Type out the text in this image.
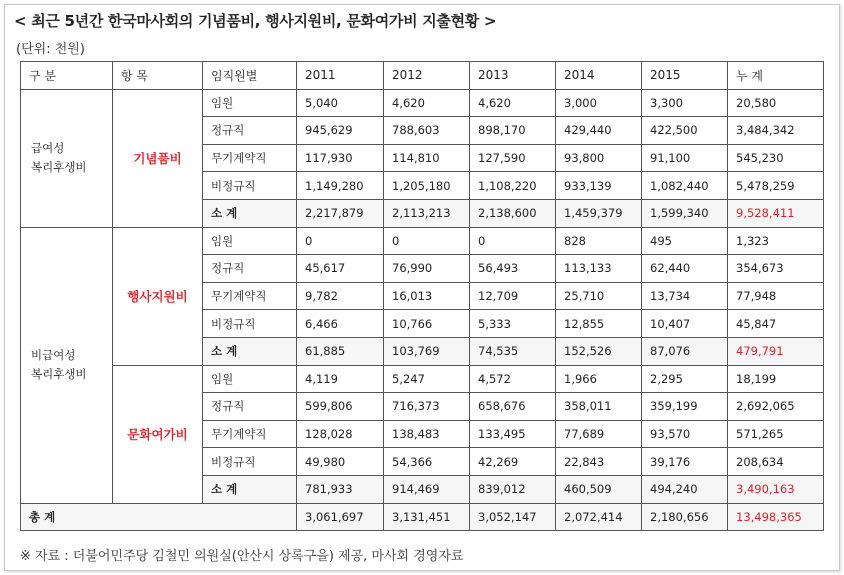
< 최근 5년간 한국마사회의 기념품비, 행사지원비, 문화여가비 지출현황 >
(단위: 천원)
구 분	항 목	임직원별	2011	2012	2013	2014	2015	누 계
급여성
복리후생비	기념품비	임원	5,040	4,620	4,620	3,000	3,300	20,580
		정규직	945,629	788,603	898,170	429,440	422,500	3,484,342
		무기계약직	117,930	114,810	127,590	93,800	91,100	545,230
		비정규직	1,149,280	1,205,180	1,108,220	933,139	1,082,440	5,478,259
		소 계	2,217,879	2,113,213	2,138,600	1,459,379	1,599,340	9,528,411
비급여성
복리후생비	행사지원비	임원	0	0	0	828	495	1,323
		정규직	45,617	76,990	56,493	113,133	62,440	354,673
		무기계약직	9,782	16,013	12,709	25,710	13,734	77,948
		비정규직	6,466	10,766	5,333	12,855	10,407	45,847
		소 계	61,885	103,769	74,535	152,526	87,076	479,791
	문화여가비	임원	4,119	5,247	4,572	1,966	2,295	18,199
		정규직	599,806	716,373	658,676	358,011	359,199	2,692,065
		무기계약직	128,028	138,483	133,495	77,689	93,570	571,265
		비정규직	49,980	54,366	42,269	22,843	39,176	208,634
		소 계	781,933	914,469	839,012	460,509	494,240	3,490,163
총 계			3,061,697	3,131,451	3,052,147	2,072,414	2,180,656	13,498,365
※ 자료 : 더불어민주당 김철민 의원실(안산시 상록구을) 제공, 마사회 경영자료
